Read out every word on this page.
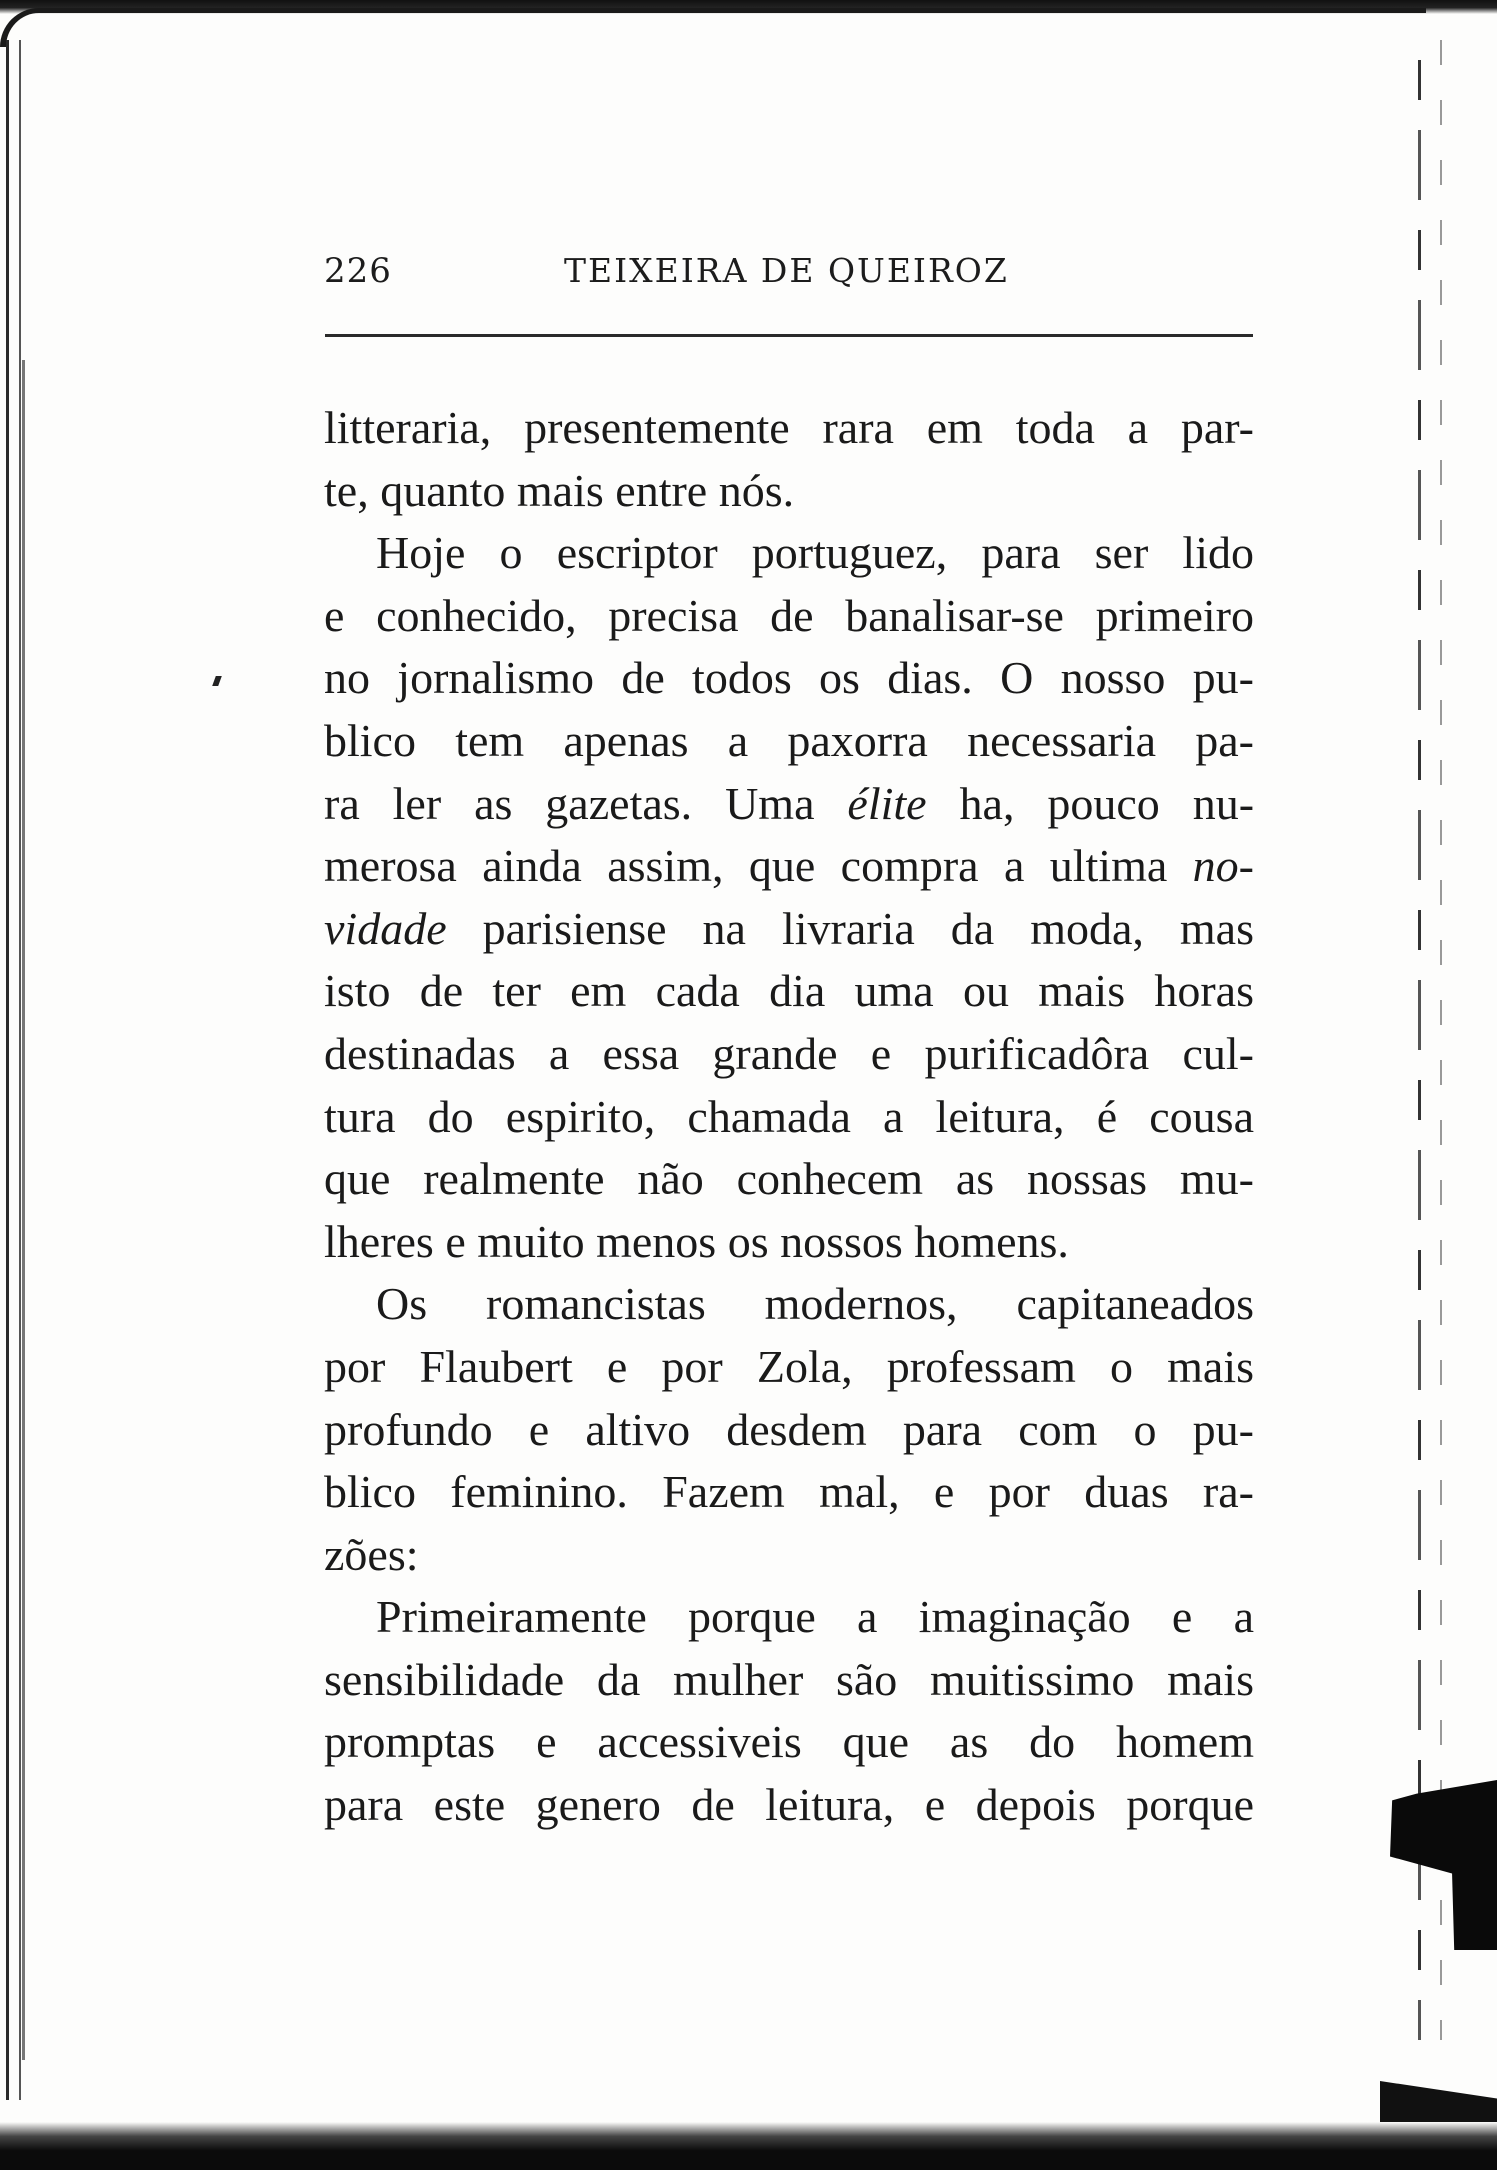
226	TEIXEIRA DE QUEIROZ
litteraria, presentemente rara em toda a par-
te, quanto mais entre nós.
Hoje o escriptor portuguez, para ser lido
e conhecido, precisa de banalisar-se primeiro
no jornalismo de todos os dias. O nosso pu-
blico tem apenas a paxorra necessaria pa-
ra ler as gazetas. Uma élite ha, pouco nu-
merosa ainda assim, que compra a ultima no-
vidade parisiense na livraria da moda, mas
isto de ter em cada dia uma ou mais horas
destinadas a essa grande e purificadôra cul-
tura do espirito, chamada a leitura, é cousa
que realmente não conhecem as nossas mu-
lheres e muito menos os nossos homens.
Os romancistas modernos, capitaneados
por Flaubert e por Zola, professam o mais
profundo e altivo desdem para com o pu-
blico feminino. Fazem mal, e por duas ra-
zões:
Primeiramente porque a imaginação e a
sensibilidade da mulher são muitissimo mais
promptas e accessiveis que as do homem
para este genero de leitura, e depois porque
